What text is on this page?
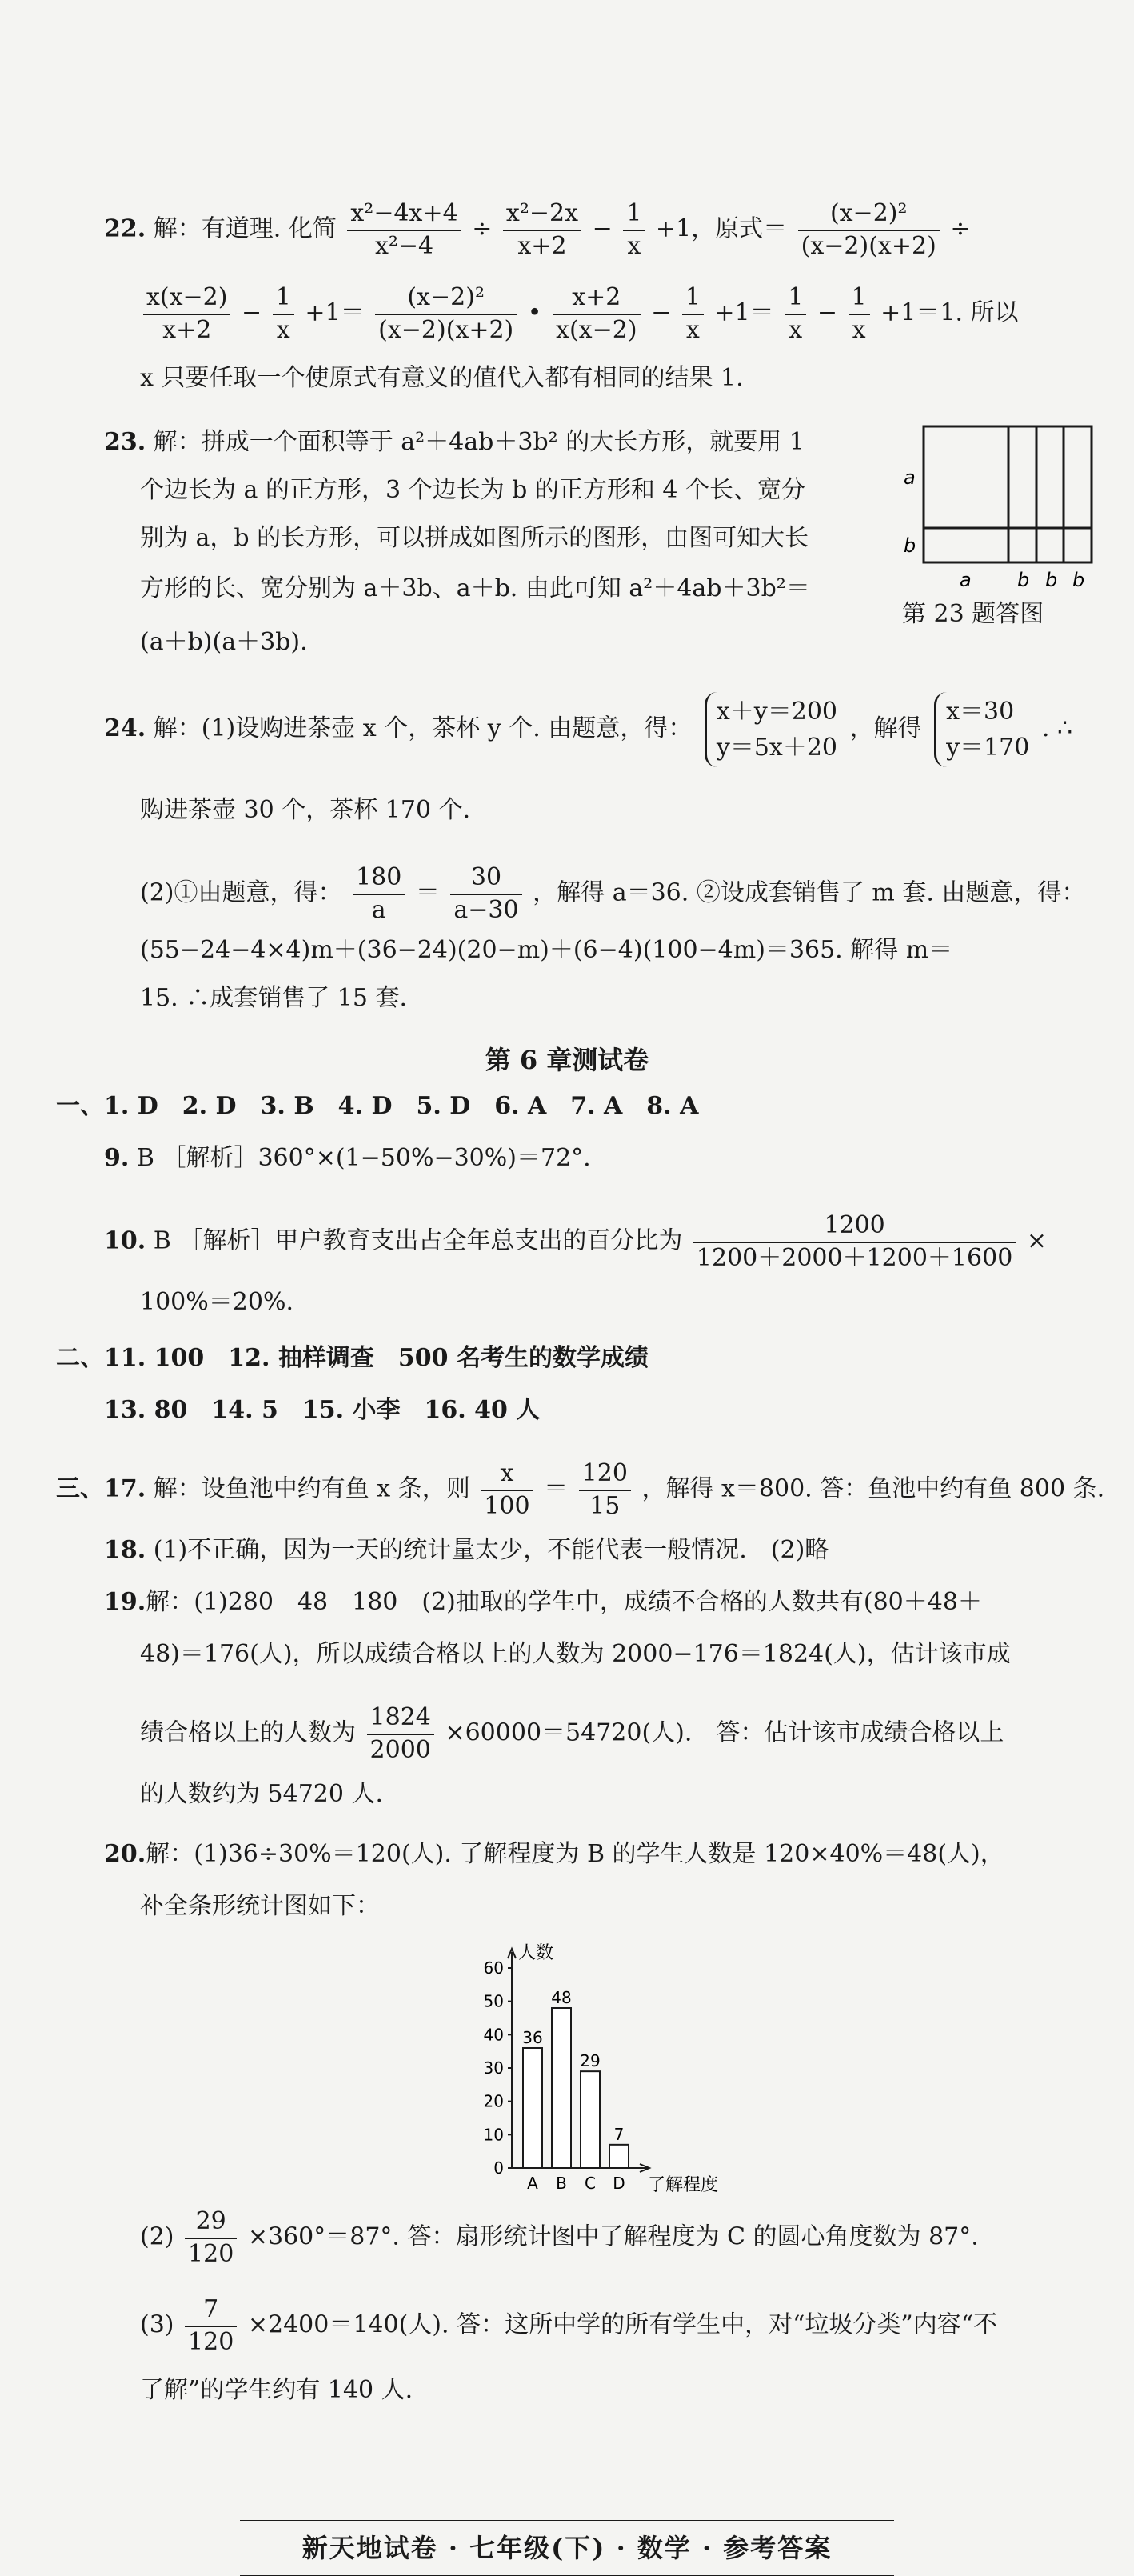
22. 解：有道理. 化简 $\frac{\text{x²−4x+4}}{\text{x²−4}} \div \frac{\text{x²−2x}}{x+2} - \frac{1}{x} +1$，原式＝ $\frac{\text{(x−2)²}}{(x-2)(x+2)}$ ÷
$\frac{x(x-2)}{x+2} - \frac{1}{x} +1= \frac{\text{(x−2)²}}{(x-2)(x+2)}$ • $\frac{x+2}{x(x-2)} - \frac{1}{x} +1= \frac{1}{x} - \frac{1}{x} +1=1$. 所以
x 只要任取一个使原式有意义的值代入都有相同的结果 1.
23. 解：拼成一个面积等于 a²＋4ab＋3b² 的大长方形，就要用 1
个边长为 a 的正方形，3 个边长为 b 的正方形和 4 个长、宽分
别为 a，b 的长方形，可以拼成如图所示的图形，由图可知大长
方形的长、宽分别为 a＋3b、a＋b. 由此可知 a²＋4ab＋3b²＝
(a＋b)(a＋3b).
a
b
a b b b
第 23 题答图
24. 解：(1)设购进茶壶 x 个，茶杯 y 个. 由题意，得：
x＋y＝200
y＝5x＋20
，解得
x＝30
y＝170
. ∴
购进茶壶 30 个，茶杯 170 个.
(2)①由题意，得： $\frac{180}{a} = \frac{30}{a-30}$ ，解得 a＝36. ②设成套销售了 m 套. 由题意，得：
(55−24−4×4)m＋(36−24)(20−m)＋(6−4)(100−4m)＝365. 解得 m＝
15. ∴成套销售了 15 套.
第 6 章测试卷
一、1. D　2. D　3. B　4. D　5. D　6. A　7. A　8. A
9. B ［解析］360°×(1−50%−30%)＝72°.
10. B ［解析］甲户教育支出占全年总支出的百分比为 $\frac{1200}{1200+2000+1200+1600}$ ×
100%＝20%.
二、11. 100　12. 抽样调查　500 名考生的数学成绩
13. 80　14. 5　15. 小李　16. 40 人
三、17. 解：设鱼池中约有鱼 x 条，则 $\frac{x}{100} = \frac{120}{15}$ ，解得 x＝800. 答：鱼池中约有鱼 800 条.
18. (1)不正确，因为一天的统计量太少，不能代表一般情况.　(2)略
19.解：(1)280　48　180　(2)抽取的学生中，成绩不合格的人数共有(80＋48＋
48)＝176(人)，所以成绩合格以上的人数为 2000−176＝1824(人)，估计该市成
绩合格以上的人数为 $\frac{1824}{2000} \times 60000=54720$(人).　答：估计该市成绩合格以上
的人数约为 54720 人.
20.解：(1)36÷30%＝120(人). 了解程度为 B 的学生人数是 120×40%＝48(人)，
补全条形统计图如下：
0
10
20
30
40
50
60
人数
了解程度
36
A
48
B
29
C
7
D
$(2) \frac{29}{120} \times 360^\circ=87^\circ$. 答：扇形统计图中了解程度为 C 的圆心角度数为 87°.
$(3) \frac{7}{120} \times 2400=140$(人). 答：这所中学的所有学生中，对“垃圾分类”内容“不
了解”的学生约有 140 人.
新天地试卷 · 七年级(下) · 数学 · 参考答案
